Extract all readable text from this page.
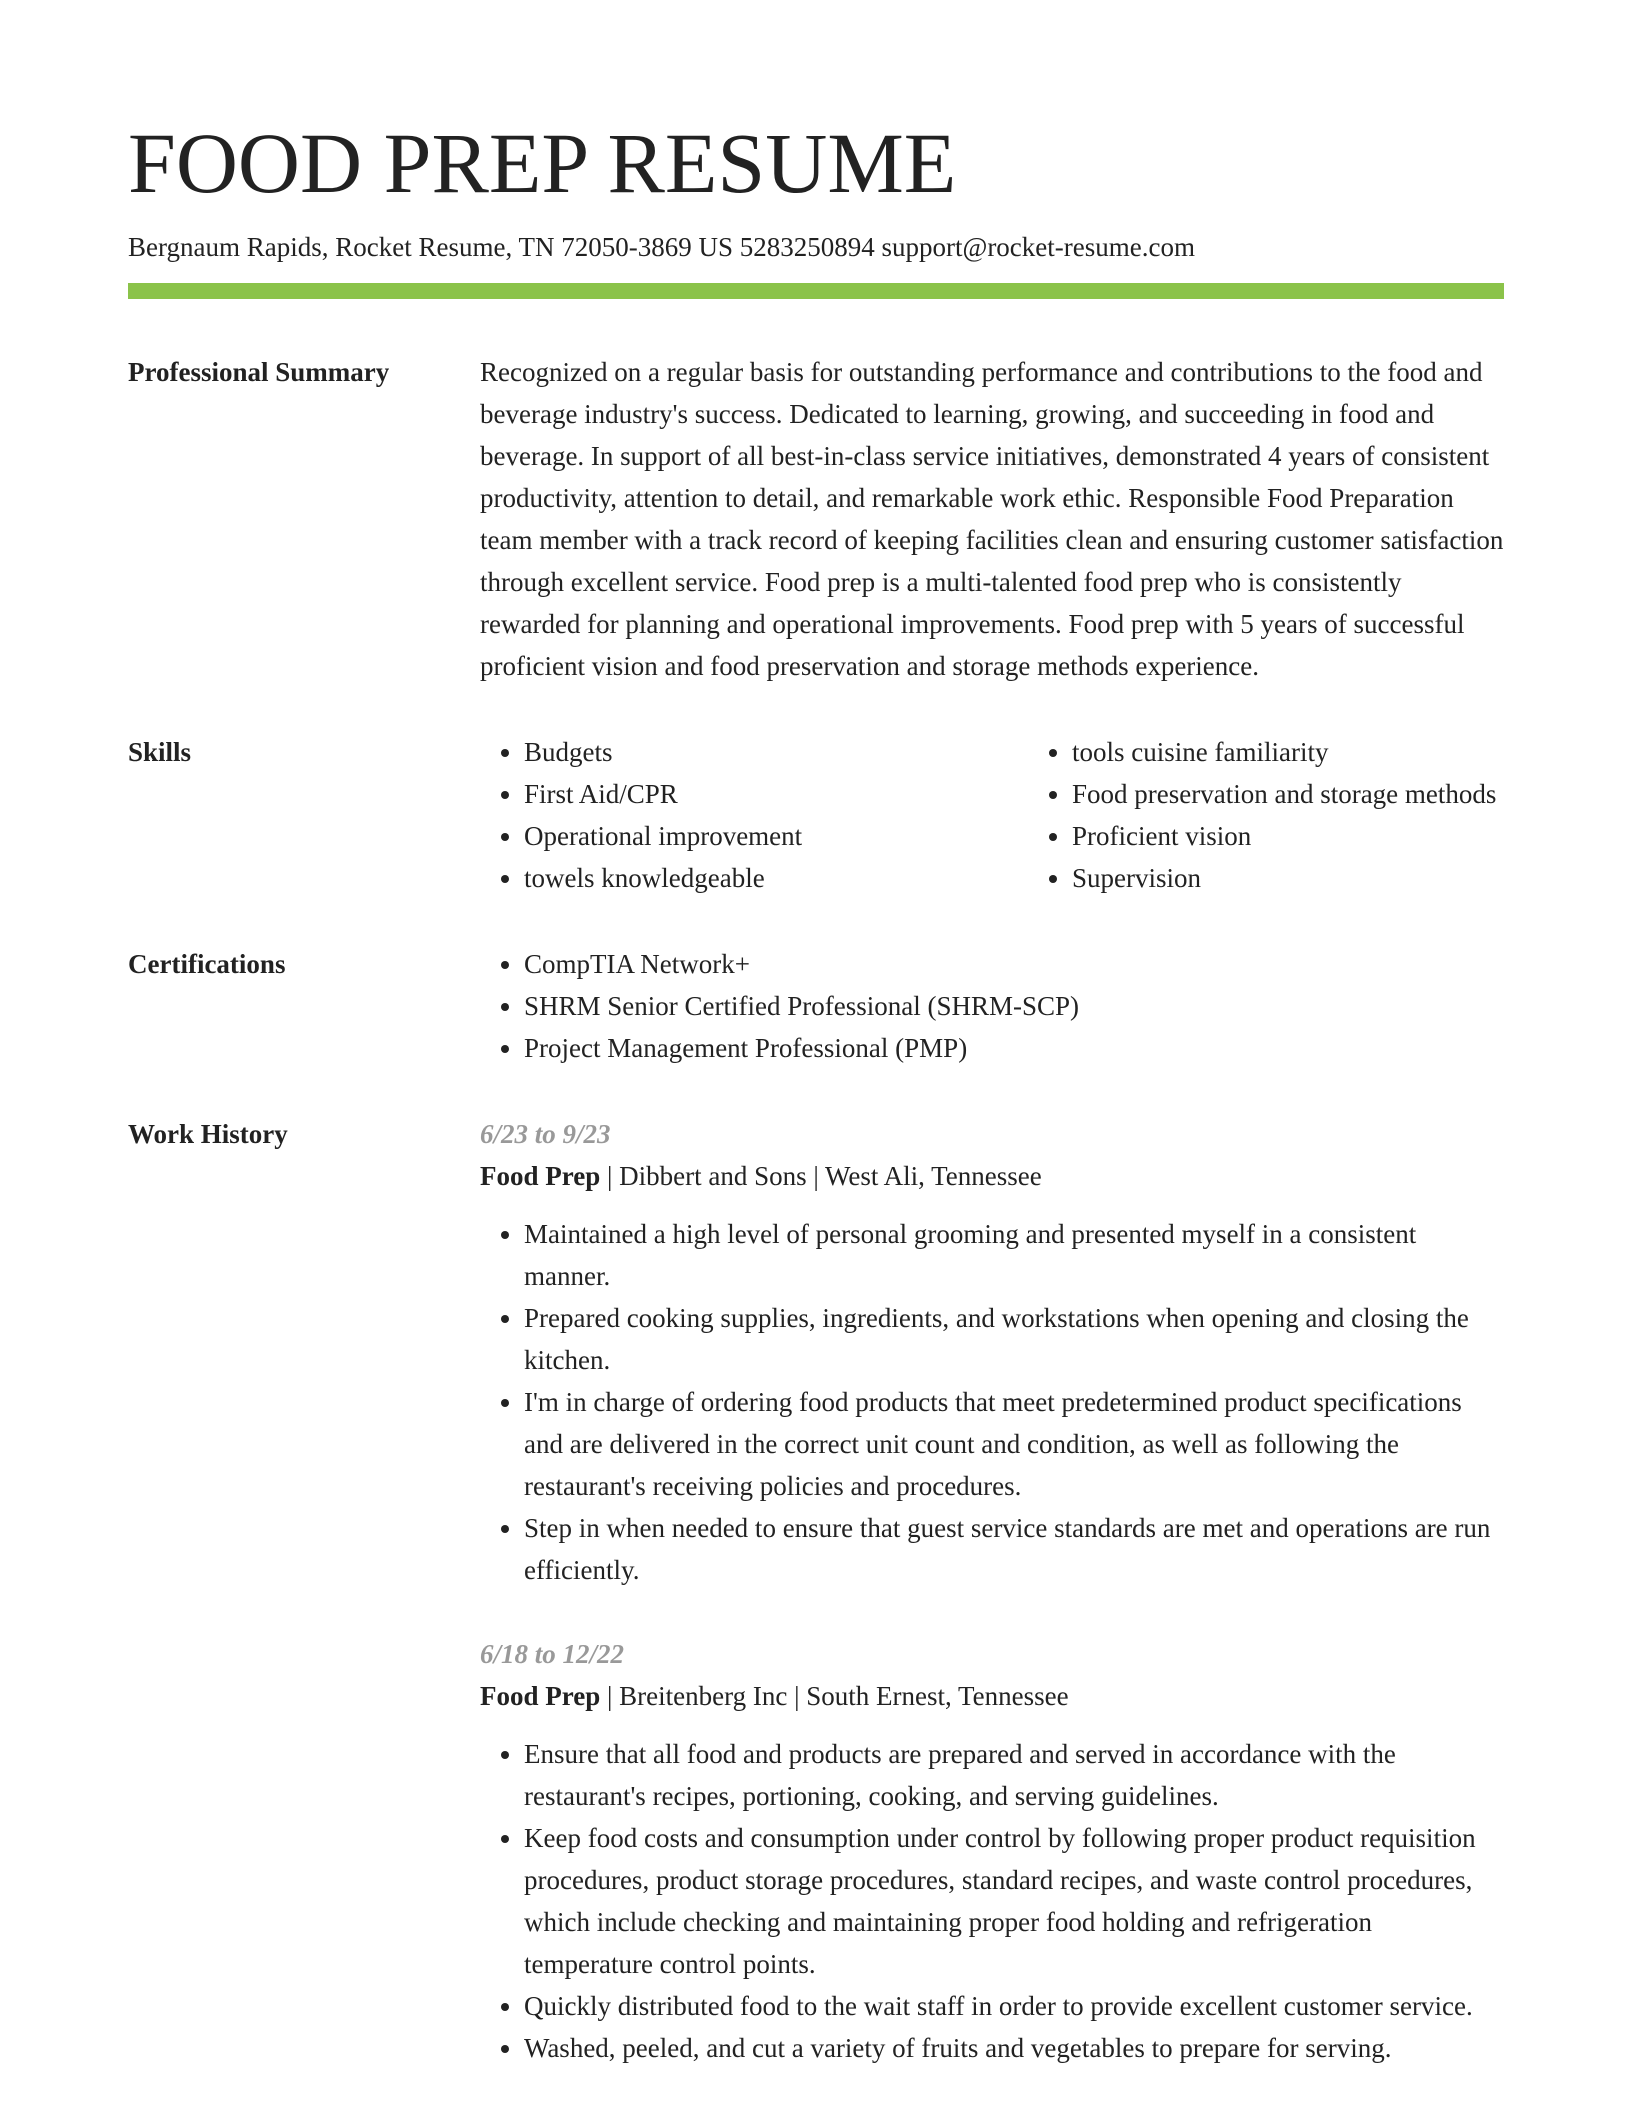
FOOD PREP RESUME
Bergnaum Rapids, Rocket Resume, TN 72050-3869 US 5283250894 support@rocket-resume.com
Professional Summary	Recognized on a regular basis for outstanding performance and contributions to the food and beverage industry's success. Dedicated to learning, growing, and succeeding in food and beverage. In support of all best-in-class service initiatives, demonstrated 4 years of consistent productivity, attention to detail, and remarkable work ethic. Responsible Food Preparation team member with a track record of keeping facilities clean and ensuring customer satisfaction through excellent service. Food prep is a multi-talented food prep who is consistently rewarded for planning and operational improvements. Food prep with 5 years of successful proficient vision and food preservation and storage methods experience.

Skills	• Budgets
• First Aid/CPR
• Operational improvement
• towels knowledgeable
• tools cuisine familiarity
• Food preservation and storage methods
• Proficient vision
• Supervision
Certifications	• CompTIA Network+
• SHRM Senior Certified Professional (SHRM-SCP)
• Project Management Professional (PMP)
Work History	6/23 to 9/23
Food Prep | Dibbert and Sons | West Ali, Tennessee
• Maintained a high level of personal grooming and presented myself in a consistent manner.
• Prepared cooking supplies, ingredients, and workstations when opening and closing the kitchen.
• I'm in charge of ordering food products that meet predetermined product specifications and are delivered in the correct unit count and condition, as well as following the restaurant's receiving policies and procedures.
• Step in when needed to ensure that guest service standards are met and operations are run efficiently.
6/18 to 12/22
Food Prep | Breitenberg Inc | South Ernest, Tennessee
• Ensure that all food and products are prepared and served in accordance with the restaurant's recipes, portioning, cooking, and serving guidelines.
• Keep food costs and consumption under control by following proper product requisition procedures, product storage procedures, standard recipes, and waste control procedures, which include checking and maintaining proper food holding and refrigeration temperature control points.
• Quickly distributed food to the wait staff in order to provide excellent customer service.
• Washed, peeled, and cut a variety of fruits and vegetables to prepare for serving.
